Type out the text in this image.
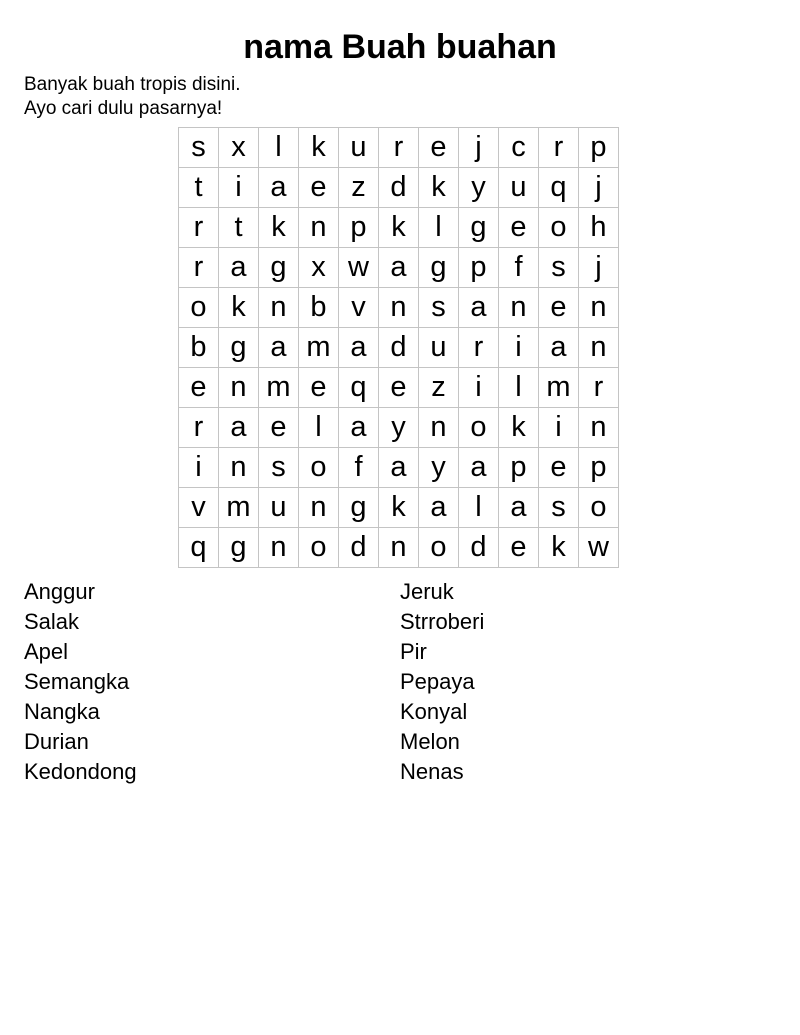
nama Buah buahan
Banyak buah tropis disini.
Ayo cari dulu pasarnya!
s x	l	k u r e j	c r p
t	i a e z d k y u q j
r	t k n p k	l g e o h
r a g x w a g p f s	j
o k n b v n s a n e n
b g a m a d u r	i a n
e n m e q e z	i	l m r
r a e l a y n o k	i n
i n s o f a y a p e p
v m u n g k a l a s o
q g n o d n o d e k w
Anggur
Salak
Apel
Semangka
Nangka
Durian
Kedondong
Jeruk
Strroberi
Pir
Pepaya
Konyal
Melon
Nenas
